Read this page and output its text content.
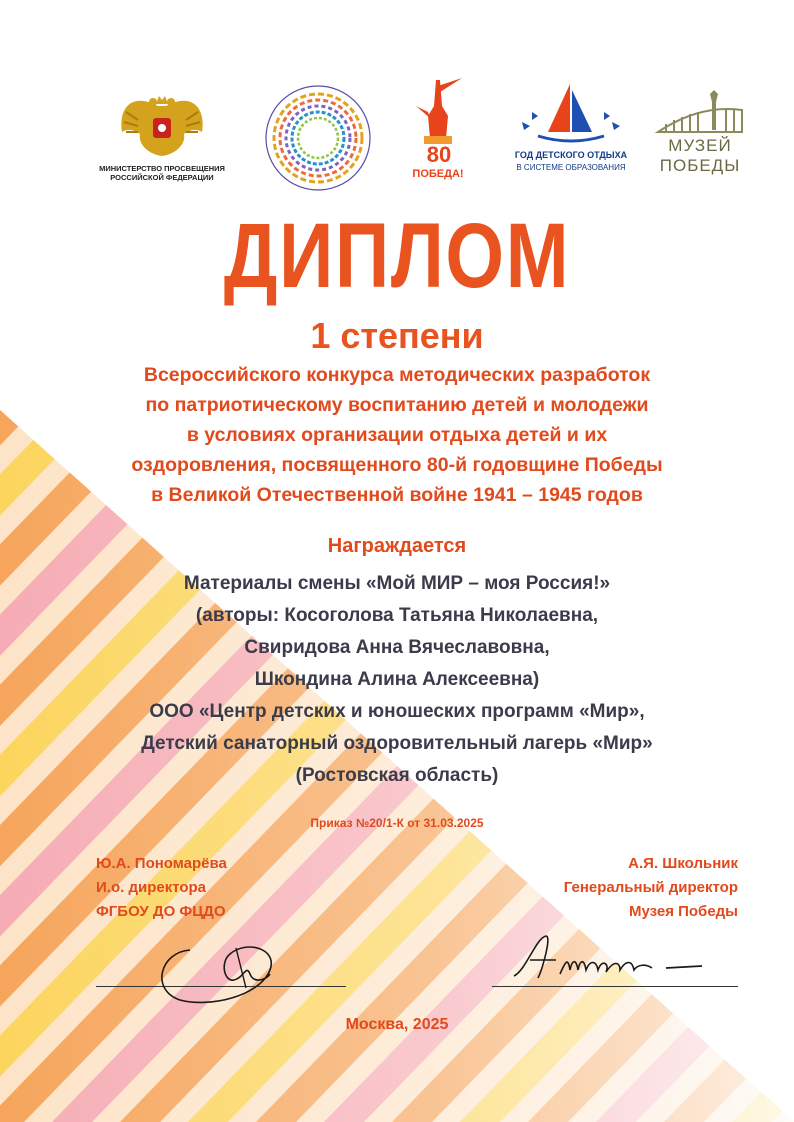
МИНИСТЕРСТВО ПРОСВЕЩЕНИЯ
РОССИЙСКОЙ ФЕДЕРАЦИИ
80
ПОБЕДА!
ГОД ДЕТСКОГО ОТДЫХА
В СИСТЕМЕ ОБРАЗОВАНИЯ
МУЗЕЙ
ПОБЕДЫ
ДИПЛОМ
1 степени
Всероссийского конкурса методических разработок
по патриотическому воспитанию детей и молодежи
в условиях организации отдыха детей и их
оздоровления, посвященного 80-й годовщине Победы
в Великой Отечественной войне 1941 – 1945 годов
Награждается
Материалы смены «Мой МИР – моя Россия!»
(авторы: Косоголова Татьяна Николаевна,
Свиридова Анна Вячеславовна,
Шкондина Алина Алексеевна)
ООО «Центр детских и юношеских программ «Мир»,
Детский санаторный оздоровительный лагерь «Мир»
(Ростовская область)
Приказ №20/1-К от 31.03.2025
Ю.А. Пономарёва
И.о. директора
ФГБОУ ДО ФЦДО
А.Я. Школьник
Генеральный директор
Музея Победы
Москва, 2025
